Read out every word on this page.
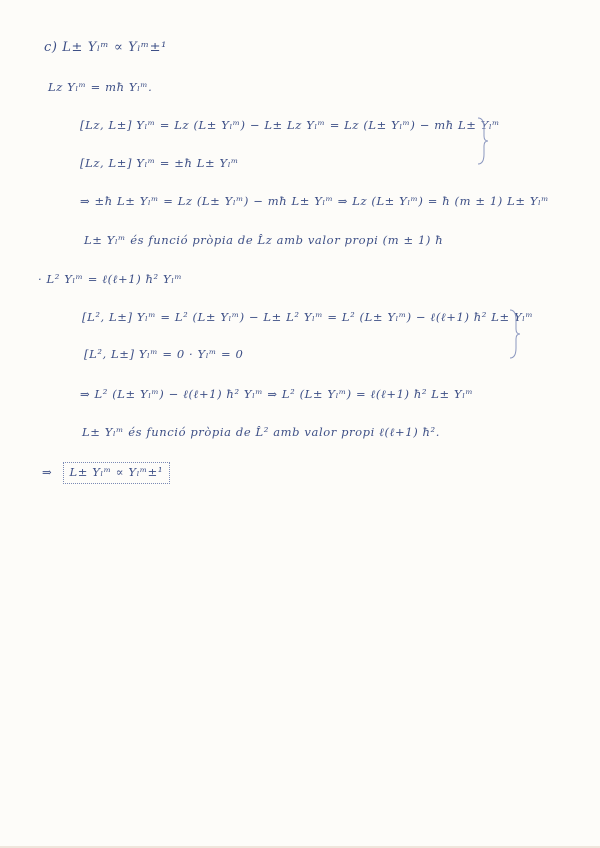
c) L± Yₗᵐ ∝ Yₗᵐ±¹
Lz Yₗᵐ = mħ Yₗᵐ.
[Lz, L±] Yₗᵐ = Lz (L± Yₗᵐ) − L± Lz Yₗᵐ = Lz (L± Yₗᵐ) − mħ L± Yₗᵐ
[Lz, L±] Yₗᵐ = ±ħ L± Yₗᵐ
⇒ ±ħ L± Yₗᵐ = Lz (L± Yₗᵐ) − mħ L± Yₗᵐ ⇒ Lz (L± Yₗᵐ) = ħ (m ± 1) L± Yₗᵐ
L± Yₗᵐ és funció pròpia de L̂z amb valor propi (m ± 1) ħ
· L² Yₗᵐ = ℓ(ℓ+1) ħ² Yₗᵐ
[L², L±] Yₗᵐ = L² (L± Yₗᵐ) − L± L² Yₗᵐ = L² (L± Yₗᵐ) − ℓ(ℓ+1) ħ² L± Yₗᵐ
[L², L±] Yₗᵐ = 0 · Yₗᵐ = 0
⇒ L² (L± Yₗᵐ) − ℓ(ℓ+1) ħ² Yₗᵐ ⇒ L² (L± Yₗᵐ) = ℓ(ℓ+1) ħ² L± Yₗᵐ
L± Yₗᵐ és funció pròpia de L̂² amb valor propi ℓ(ℓ+1) ħ².
⇒ L± Yₗᵐ ∝ Yₗᵐ±¹
